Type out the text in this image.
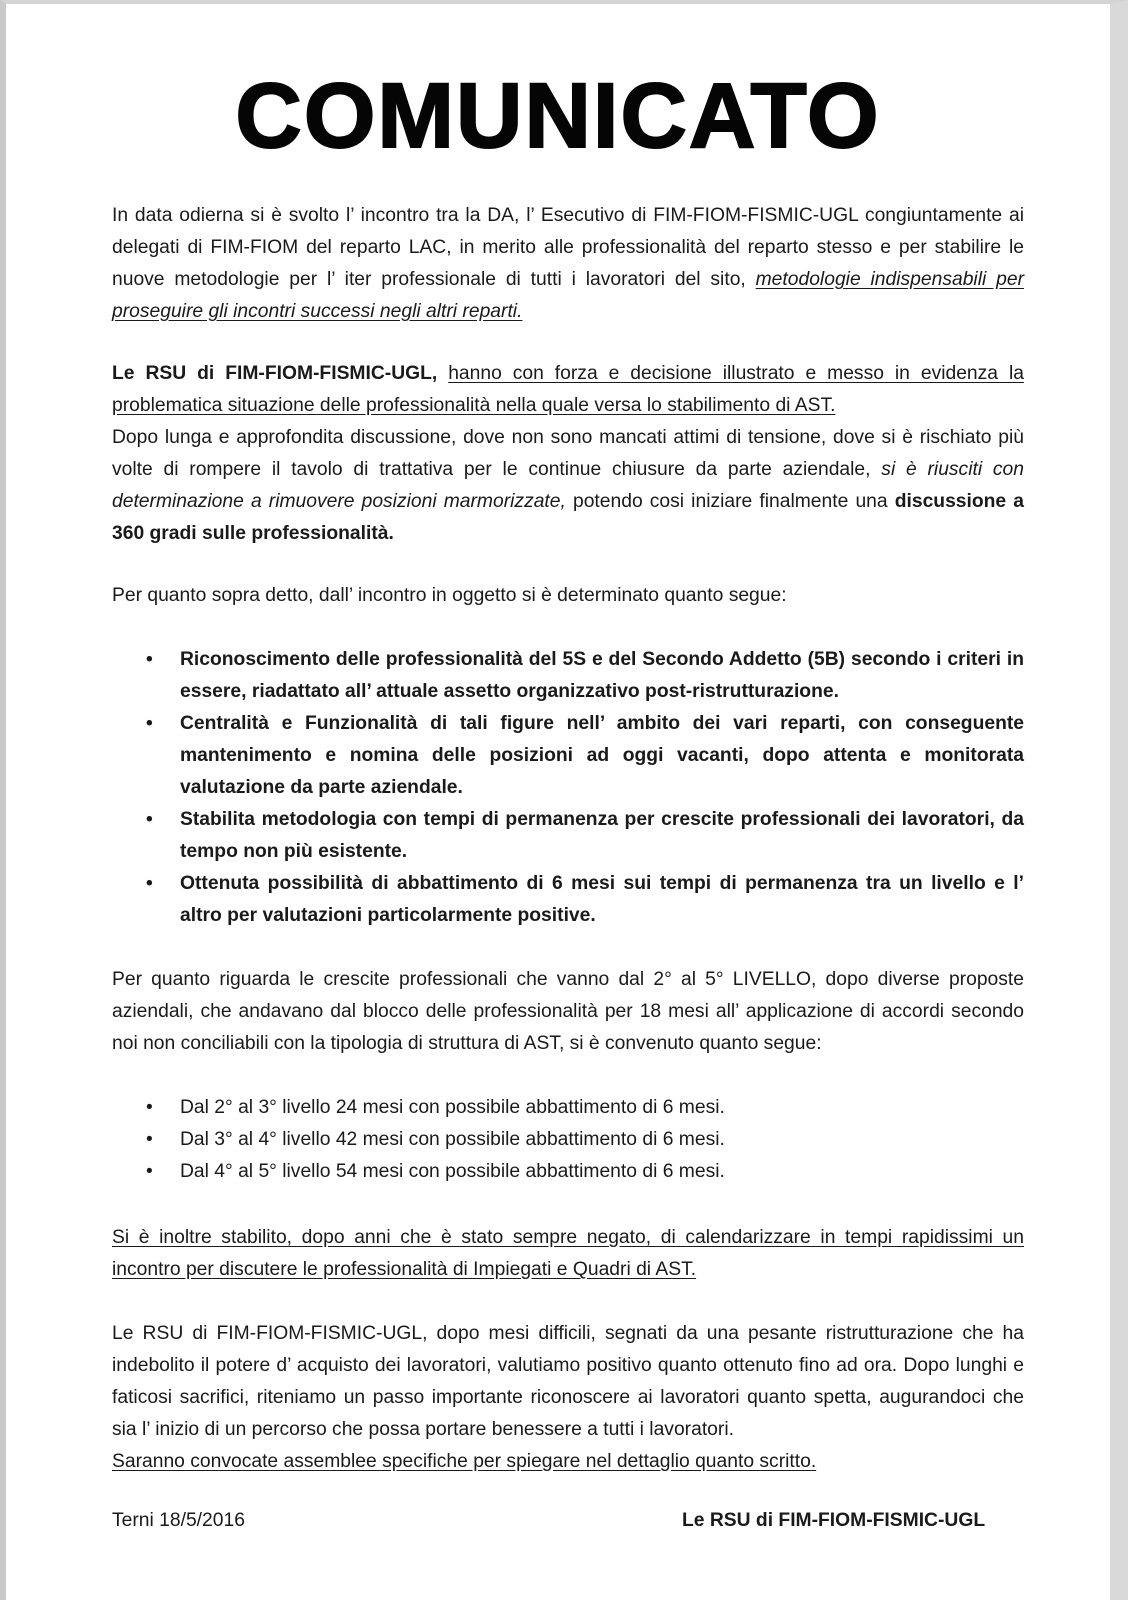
COMUNICATO

In data odierna si è svolto l’ incontro tra la DA, l’ Esecutivo di FIM-FIOM-FISMIC-UGL congiuntamente ai delegati di FIM-FIOM del reparto LAC, in merito alle professionalità del reparto stesso e per stabilire le nuove metodologie per l’ iter professionale di tutti i lavoratori del sito, metodologie indispensabili per proseguire gli incontri successi negli altri reparti.

Le RSU di FIM-FIOM-FISMIC-UGL, hanno con forza e decisione illustrato e messo in evidenza la problematica situazione delle professionalità nella quale versa lo stabilimento di AST.
Dopo lunga e approfondita discussione, dove non sono mancati attimi di tensione, dove si è rischiato più volte di rompere il tavolo di trattativa per le continue chiusure da parte aziendale, si è riusciti con determinazione a rimuovere posizioni marmorizzate, potendo cosi iniziare finalmente una discussione a 360 gradi sulle professionalità.

Per quanto sopra detto, dall’ incontro in oggetto si è determinato quanto segue:

• Riconoscimento delle professionalità del 5S e del Secondo Addetto (5B) secondo i criteri in essere, riadattato all’ attuale assetto organizzativo post-ristrutturazione.
• Centralità e Funzionalità di tali figure nell’ ambito dei vari reparti, con conseguente mantenimento e nomina delle posizioni ad oggi vacanti, dopo attenta e monitorata valutazione da parte aziendale.
• Stabilita metodologia con tempi di permanenza per crescite professionali dei lavoratori, da tempo non più esistente.
• Ottenuta possibilità di abbattimento di 6 mesi sui tempi di permanenza tra un livello e l’ altro per valutazioni particolarmente positive.

Per quanto riguarda le crescite professionali che vanno dal 2° al 5° LIVELLO, dopo diverse proposte aziendali, che andavano dal blocco delle professionalità per 18 mesi all’ applicazione di accordi secondo noi non conciliabili con la tipologia di struttura di AST, si è convenuto quanto segue:

• Dal 2° al 3° livello 24 mesi con possibile abbattimento di 6 mesi.
• Dal 3° al 4° livello 42 mesi con possibile abbattimento di 6 mesi.
• Dal 4° al 5° livello 54 mesi con possibile abbattimento di 6 mesi.

Si è inoltre stabilito, dopo anni che è stato sempre negato, di calendarizzare in tempi rapidissimi un incontro per discutere le professionalità di Impiegati e Quadri di AST.

Le RSU di FIM-FIOM-FISMIC-UGL, dopo mesi difficili, segnati da una pesante ristrutturazione che ha indebolito il potere d’ acquisto dei lavoratori, valutiamo positivo quanto ottenuto fino ad ora. Dopo lunghi e faticosi sacrifici, riteniamo un passo importante riconoscere ai lavoratori quanto spetta, augurandoci che sia l’ inizio di un percorso che possa portare benessere a tutti i lavoratori.
Saranno convocate assemblee specifiche per spiegare nel dettaglio quanto scritto.

Terni 18/5/2016	Le RSU di FIM-FIOM-FISMIC-UGL
